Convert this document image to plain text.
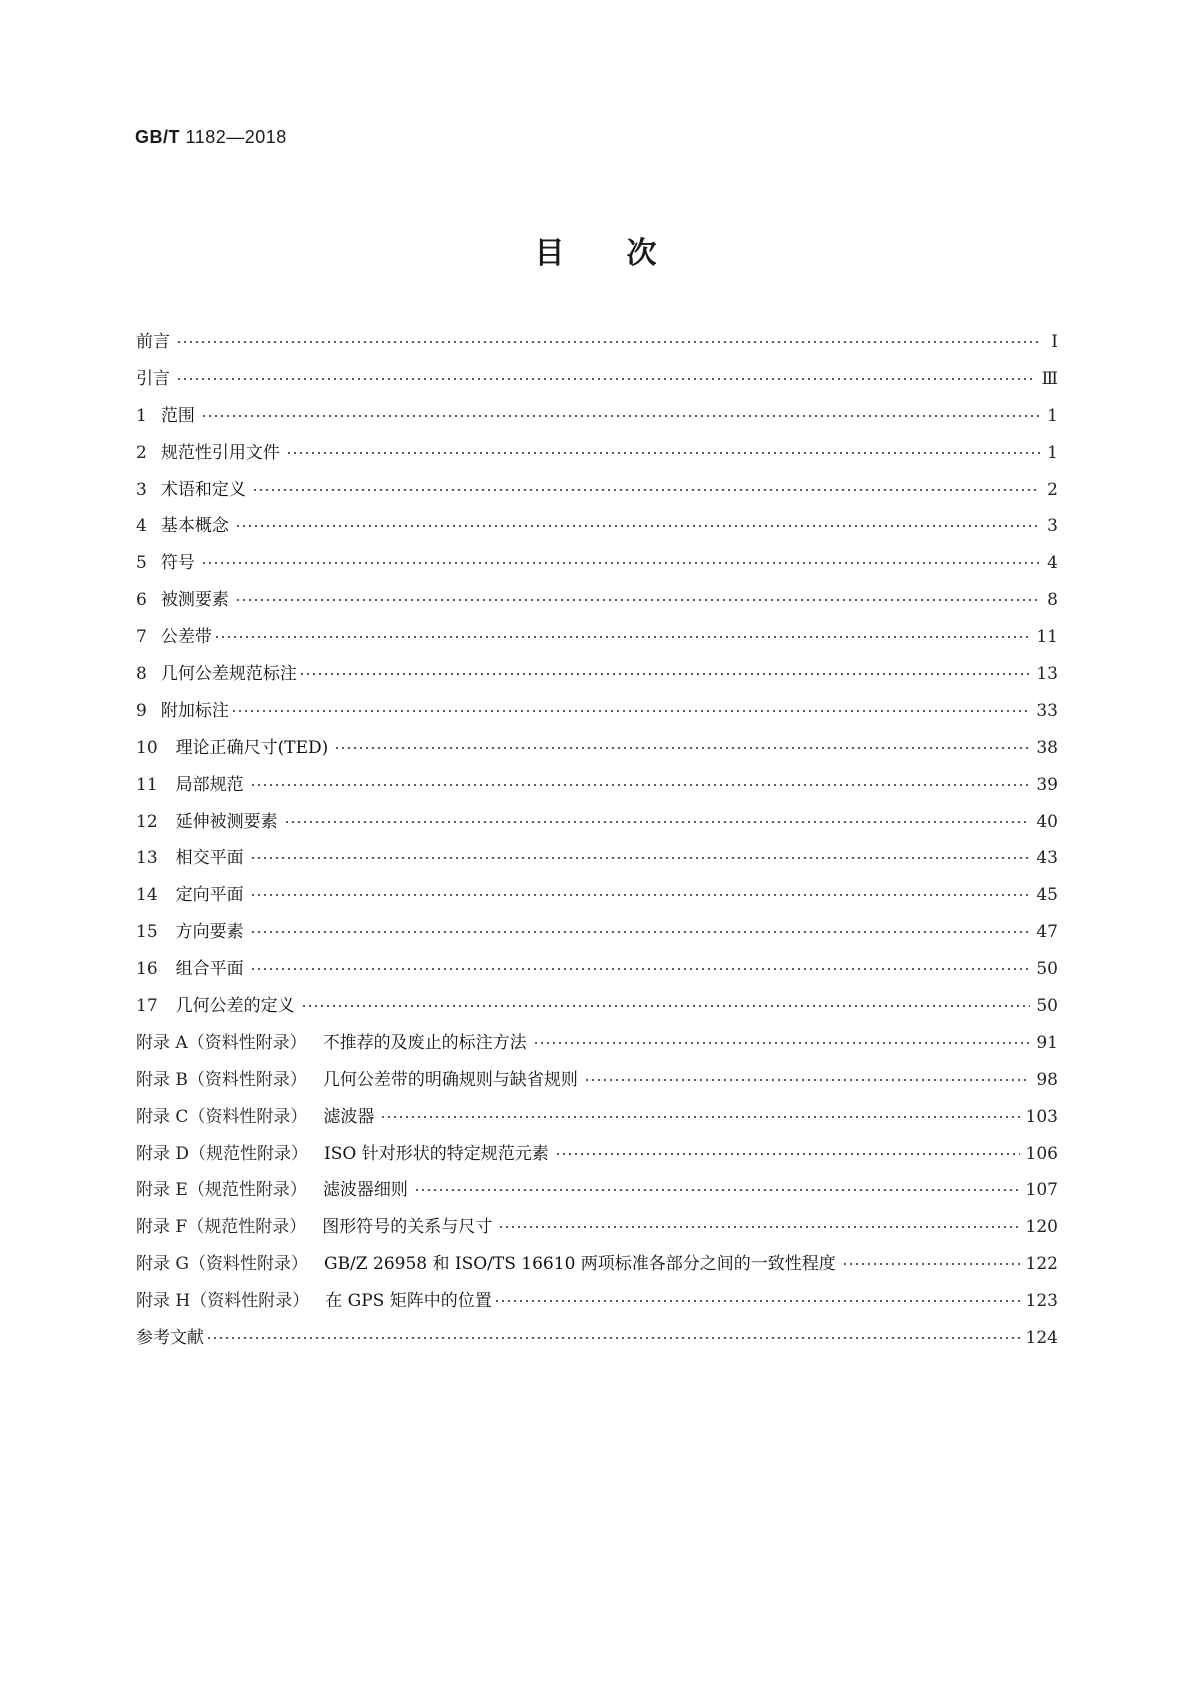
GB/T 1182—2018
目 次
前言	Ⅰ
引言	Ⅲ
1 范围	1
2 规范性引用文件	1
3 术语和定义	2
4 基本概念	3
5 符号	4
6 被测要素	8
7 公差带	11
8 几何公差规范标注	13
9 附加标注	33
10 理论正确尺寸(TED)	38
11 局部规范	39
12 延伸被测要素	40
13 相交平面	43
14 定向平面	45
15 方向要素	47
16 组合平面	50
17 几何公差的定义	50
附录 A（资料性附录） 不推荐的及废止的标注方法	91
附录 B（资料性附录） 几何公差带的明确规则与缺省规则	98
附录 C（资料性附录） 滤波器	103
附录 D（规范性附录） ISO 针对形状的特定规范元素	106
附录 E（规范性附录） 滤波器细则	107
附录 F（规范性附录） 图形符号的关系与尺寸	120
附录 G（资料性附录） GB/Z 26958 和 ISO/TS 16610 两项标准各部分之间的一致性程度	122
附录 H（资料性附录） 在 GPS 矩阵中的位置	123
参考文献	124
